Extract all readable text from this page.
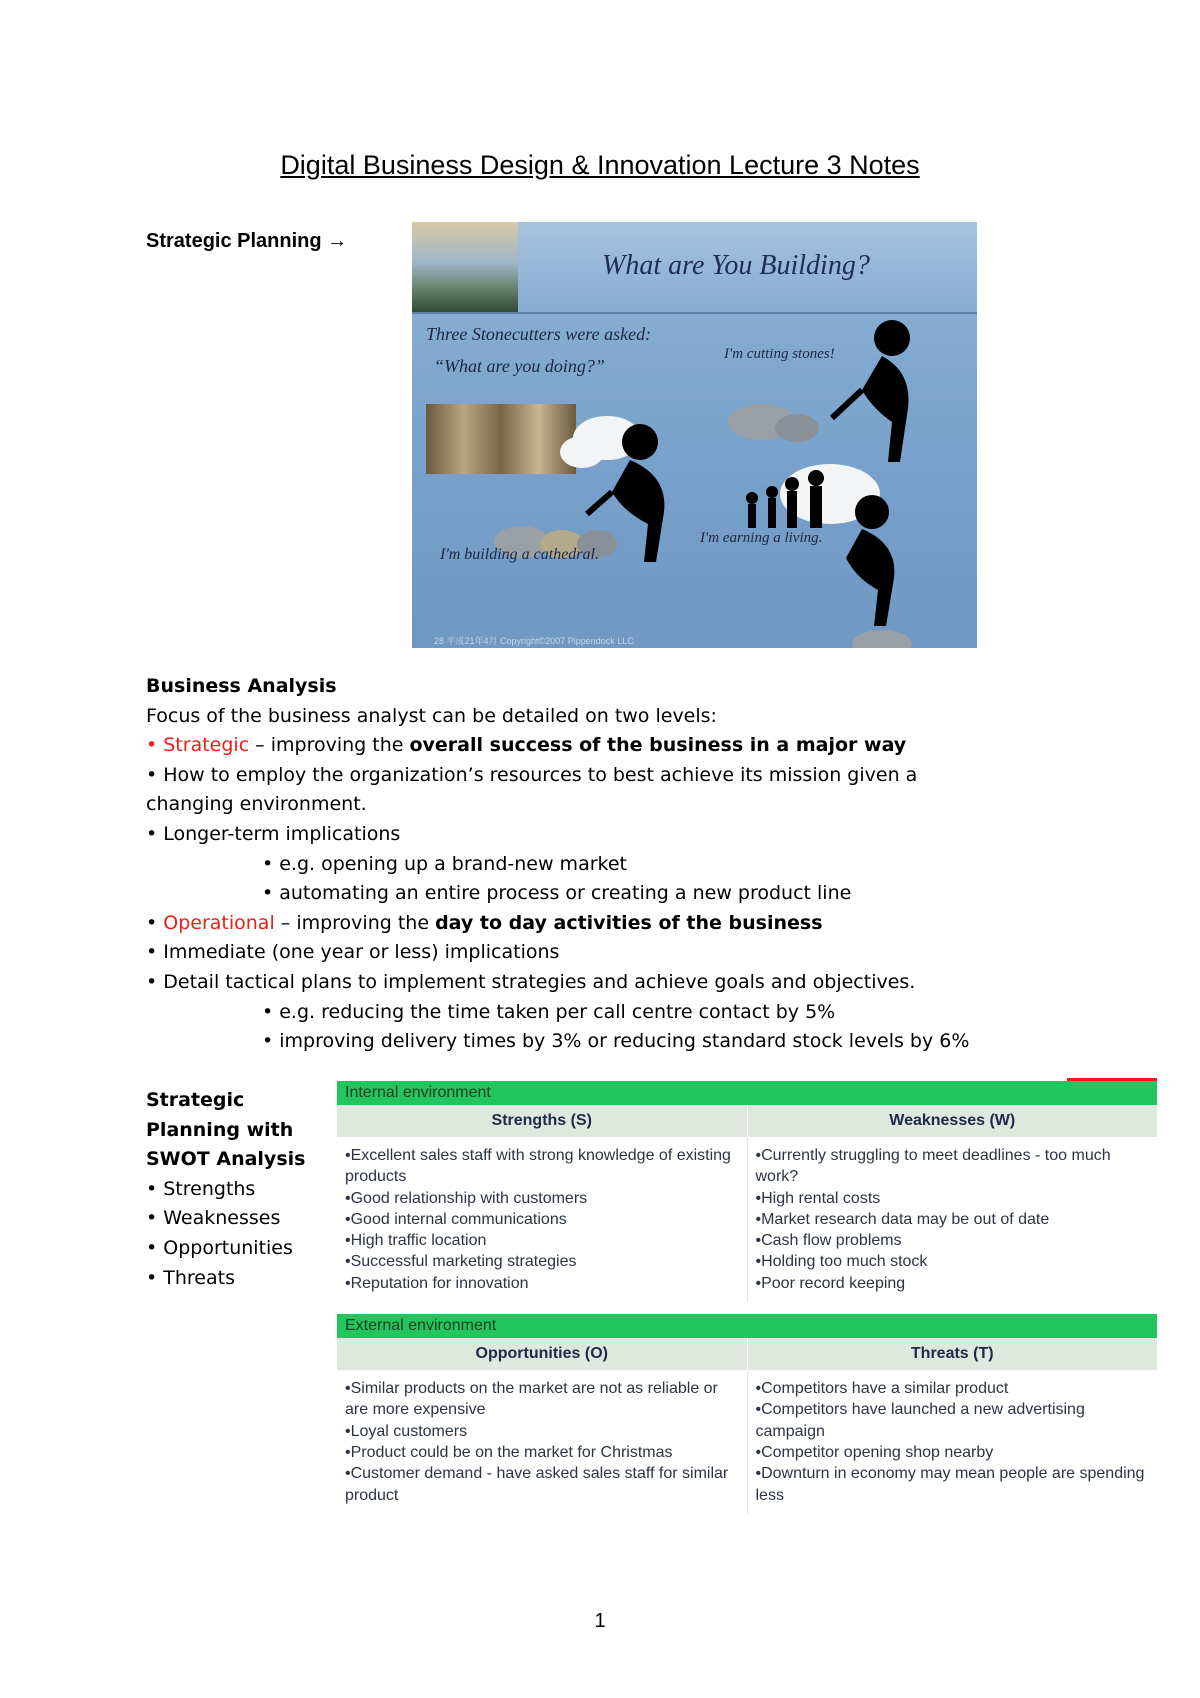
Digital Business Design & Innovation Lecture 3 Notes
Strategic Planning →
What are You Building?
Three Stonecutters were asked:
“What are you doing?”
I'm cutting stones!
I'm building a cathedral.
I'm earning a living.
28 平成21年4月 Copyright©2007 Pippendock LLC

Business Analysis

Focus of the business analyst can be detailed on two levels:

• Strategic – improving the overall success of the business in a major way

• How to employ the organization’s resources to best achieve its mission given a

changing environment.

• Longer-term implications

• e.g. opening up a brand-new market

• automating an entire process or creating a new product line

• Operational – improving the day to day activities of the business

• Immediate (one year or less) implications

• Detail tactical plans to implement strategies and achieve goals and objectives.

• e.g. reducing the time taken per call centre contact by 5%

• improving delivery times by 3% or reducing standard stock levels by 6%

Strategic
Planning with
SWOT Analysis
• Strengths
• Weaknesses
• Opportunities
• Threats
Internal environment
Strengths (S)	Weaknesses (W)
•Excellent sales staff with strong knowledge of existing products
•Good relationship with customers
•Good internal communications
•High traffic location
•Successful marketing strategies
•Reputation for innovation
•Currently struggling to meet deadlines - too much work?
•High rental costs
•Market research data may be out of date
•Cash flow problems
•Holding too much stock
•Poor record keeping
External environment
Opportunities (O)	Threats (T)
•Similar products on the market are not as reliable or are more expensive
•Loyal customers
•Product could be on the market for Christmas
•Customer demand - have asked sales staff for similar product
•Competitors have a similar product
•Competitors have launched a new advertising campaign
•Competitor opening shop nearby
•Downturn in economy may mean people are spending less
1
